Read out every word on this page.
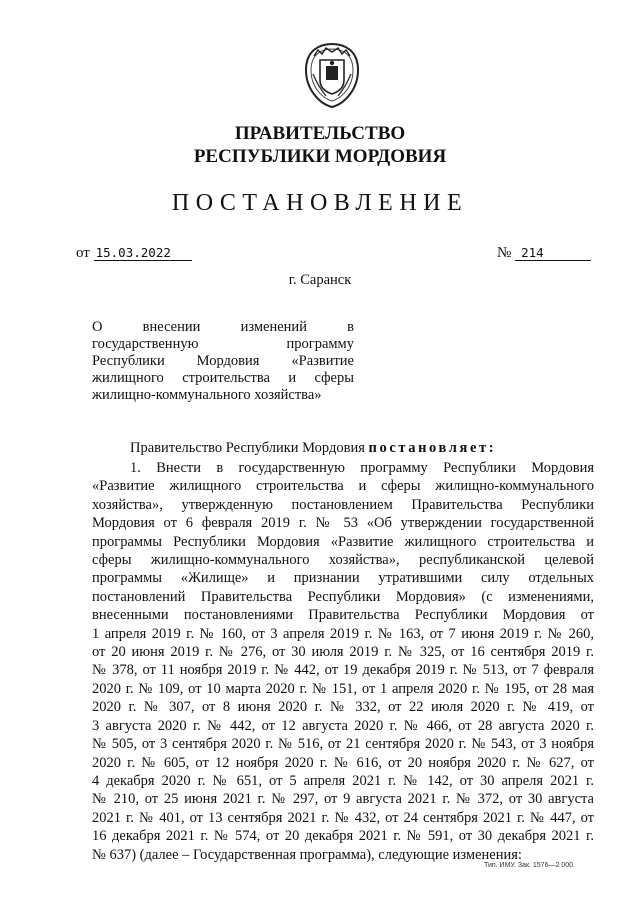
ПРАВИТЕЛЬСТВО
РЕСПУБЛИКИ МОРДОВИЯ
ПОСТАНОВЛЕНИЕ
от 15.03.2022	№ 214
г. Саранск
О внесении изменений в
государственную программу
Республики Мордовия «Развитие
жилищного строительства и сферы
жилищно-коммунального хозяйства»
Правительство Республики Мордовия постановляет:
1. Внести в государственную программу Республики Мордовия
«Развитие жилищного строительства и сферы жилищно-коммунального
хозяйства», утвержденную постановлением Правительства Республики
Мордовия от 6 февраля 2019 г. № 53 «Об утверждении государственной
программы Республики Мордовия «Развитие жилищного строительства и
сферы жилищно-коммунального хозяйства», республиканской целевой
программы «Жилище» и признании утратившими силу отдельных
постановлений Правительства Республики Мордовия» (с изменениями,
внесенными постановлениями Правительства Республики Мордовия от
1 апреля 2019 г. № 160, от 3 апреля 2019 г. № 163, от 7 июня 2019 г. № 260,
от 20 июня 2019 г. № 276, от 30 июля 2019 г. № 325, от 16 сентября 2019 г.
№ 378, от 11 ноября 2019 г. № 442, от 19 декабря 2019 г. № 513, от 7 февраля
2020 г. № 109, от 10 марта 2020 г. № 151, от 1 апреля 2020 г. № 195, от 28 мая
2020 г. № 307, от 8 июня 2020 г. № 332, от 22 июля 2020 г. № 419, от
3 августа 2020 г. № 442, от 12 августа 2020 г. № 466, от 28 августа 2020 г.
№ 505, от 3 сентября 2020 г. № 516, от 21 сентября 2020 г. № 543, от 3 ноября
2020 г. № 605, от 12 ноября 2020 г. № 616, от 20 ноября 2020 г. № 627, от
4 декабря 2020 г. № 651, от 5 апреля 2021 г. № 142, от 30 апреля 2021 г.
№ 210, от 25 июня 2021 г. № 297, от 9 августа 2021 г. № 372, от 30 августа
2021 г. № 401, от 13 сентября 2021 г. № 432, от 24 сентября 2021 г. № 447, от
16 декабря 2021 г. № 574, от 20 декабря 2021 г. № 591, от 30 декабря 2021 г.
№ 637) (далее – Государственная программа), следующие изменения:
Тип. ИМУ. Зак. 1576—2 000.
